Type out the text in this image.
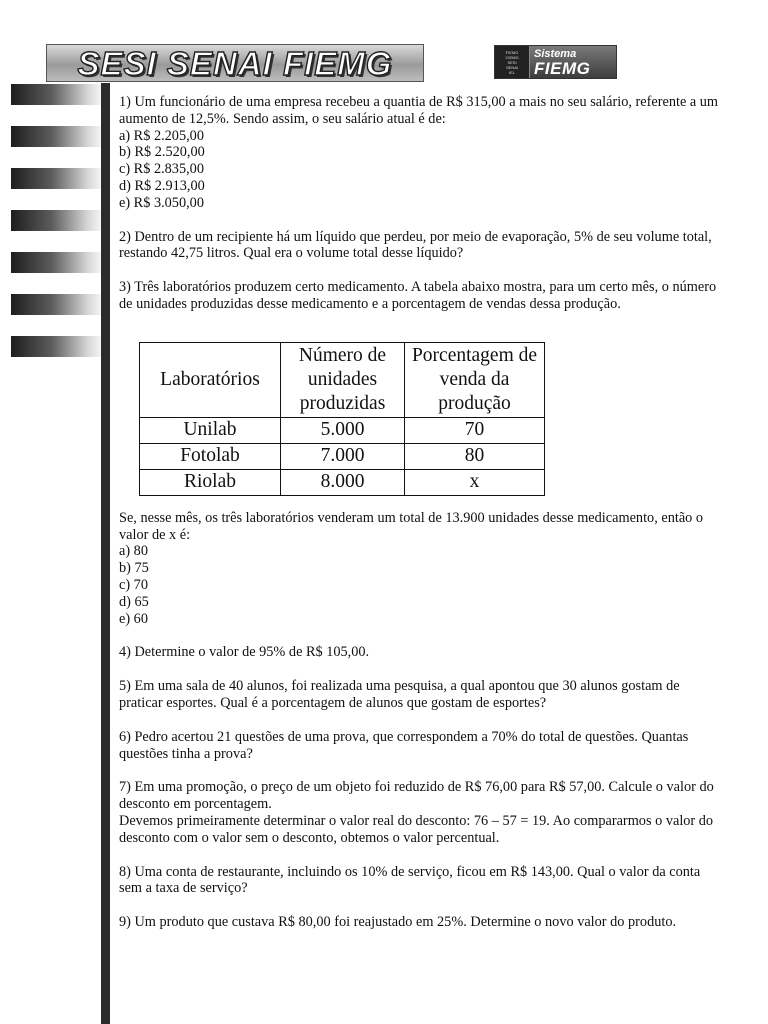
SESI SENAI FIEMG	FIEMG
CIEMG
SESI
SENAI
IEL
Sistema
FIEMG

1) Um funcionário de uma empresa recebeu a quantia de R$ 315,00 a mais no seu salário, referente a um aumento de 12,5%. Sendo assim, o seu salário atual é de:

a) R$ 2.205,00

b) R$ 2.520,00

c) R$ 2.835,00

d) R$ 2.913,00

e) R$ 3.050,00

2) Dentro de um recipiente há um líquido que perdeu, por meio de evaporação, 5% de seu volume total, restando 42,75 litros. Qual era o volume total desse líquido?

3) Três laboratórios produzem certo medicamento. A tabela abaixo mostra, para um certo mês, o número de unidades produzidas desse medicamento e a porcentagem de vendas dessa produção.

Laboratórios	Número de unidades produzidas	Porcentagem de venda da produção
Unilab	5.000	70
Fotolab	7.000	80
Riolab	8.000	x

Se, nesse mês, os três laboratórios venderam um total de 13.900 unidades desse medicamento, então o valor de x é:

a) 80

b) 75

c) 70

d) 65

e) 60

4) Determine o valor de 95% de R$ 105,00.

5) Em uma sala de 40 alunos, foi realizada uma pesquisa, a qual apontou que 30 alunos gostam de praticar esportes. Qual é a porcentagem de alunos que gostam de esportes?

6) Pedro acertou 21 questões de uma prova, que correspondem a 70% do total de questões. Quantas questões tinha a prova?

7) Em uma promoção, o preço de um objeto foi reduzido de R$ 76,00 para R$ 57,00. Calcule o valor do desconto em porcentagem.

Devemos primeiramente determinar o valor real do desconto: 76 – 57 = 19. Ao compararmos o valor do desconto com o valor sem o desconto, obtemos o valor percentual.

8) Uma conta de restaurante, incluindo os 10% de serviço, ficou em R$ 143,00. Qual o valor da conta sem a taxa de serviço?

9) Um produto que custava R$ 80,00 foi reajustado em 25%. Determine o novo valor do produto.
